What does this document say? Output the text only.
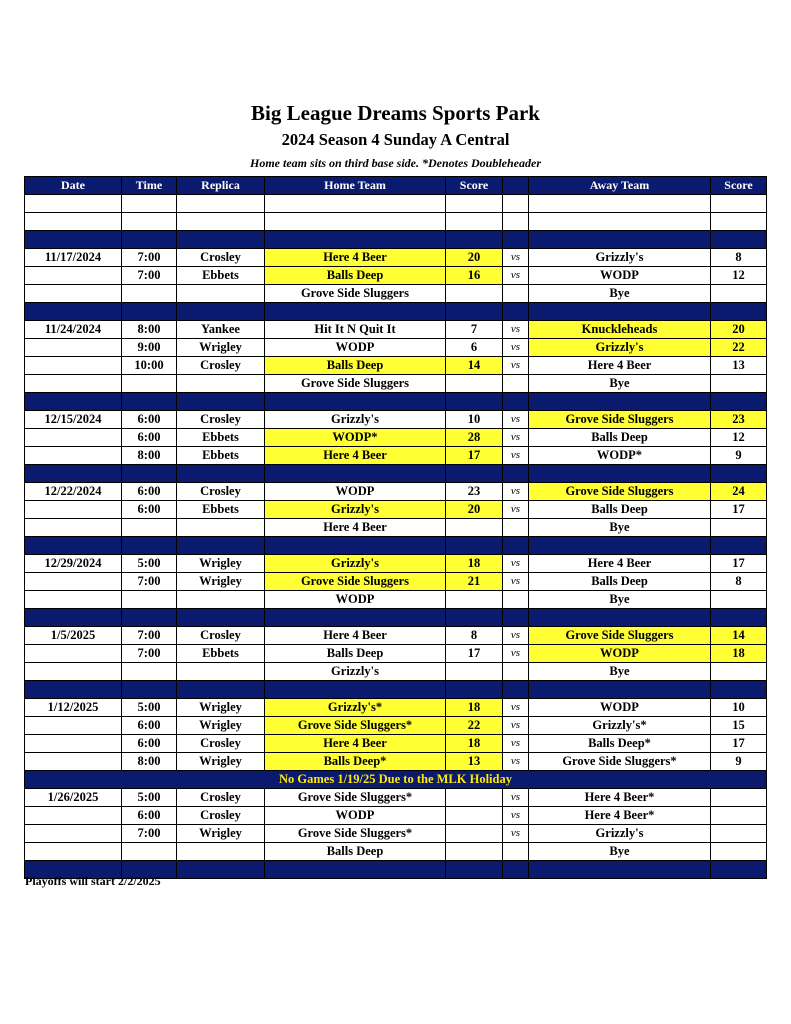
Big League Dreams Sports Park
2024 Season 4 Sunday A Central
Home team sits on third base side. *Denotes Doubleheader
Date	Time	Replica	Home Team	Score		Away Team	Score

11/17/2024	7:00	Crosley	Here 4 Beer	20	vs	Grizzly's	8
	7:00	Ebbets	Balls Deep	16	vs	WODP	12
			Grove Side Sluggers			Bye	

11/24/2024	8:00	Yankee	Hit It N Quit It	7	vs	Knuckleheads	20
	9:00	Wrigley	WODP	6	vs	Grizzly's	22
	10:00	Crosley	Balls Deep	14	vs	Here 4 Beer	13
			Grove Side Sluggers			Bye	

12/15/2024	6:00	Crosley	Grizzly's	10	vs	Grove Side Sluggers	23
	6:00	Ebbets	WODP*	28	vs	Balls Deep	12
	8:00	Ebbets	Here 4 Beer	17	vs	WODP*	9

12/22/2024	6:00	Crosley	WODP	23	vs	Grove Side Sluggers	24
	6:00	Ebbets	Grizzly's	20	vs	Balls Deep	17
			Here 4 Beer			Bye	

12/29/2024	5:00	Wrigley	Grizzly's	18	vs	Here 4 Beer	17
	7:00	Wrigley	Grove Side Sluggers	21	vs	Balls Deep	8
			WODP			Bye	

1/5/2025	7:00	Crosley	Here 4 Beer	8	vs	Grove Side Sluggers	14
	7:00	Ebbets	Balls Deep	17	vs	WODP	18
			Grizzly's			Bye	

1/12/2025	5:00	Wrigley	Grizzly's*	18	vs	WODP	10
	6:00	Wrigley	Grove Side Sluggers*	22	vs	Grizzly's*	15
	6:00	Crosley	Here 4 Beer	18	vs	Balls Deep*	17
	8:00	Wrigley	Balls Deep*	13	vs	Grove Side Sluggers*	9
No Games 1/19/25 Due to the MLK Holiday							
1/26/2025	5:00	Crosley	Grove Side Sluggers*		vs	Here 4 Beer*	
	6:00	Crosley	WODP		vs	Here 4 Beer*	
	7:00	Wrigley	Grove Side Sluggers*		vs	Grizzly's	
			Balls Deep			Bye	

Playoffs will start 2/2/2025
